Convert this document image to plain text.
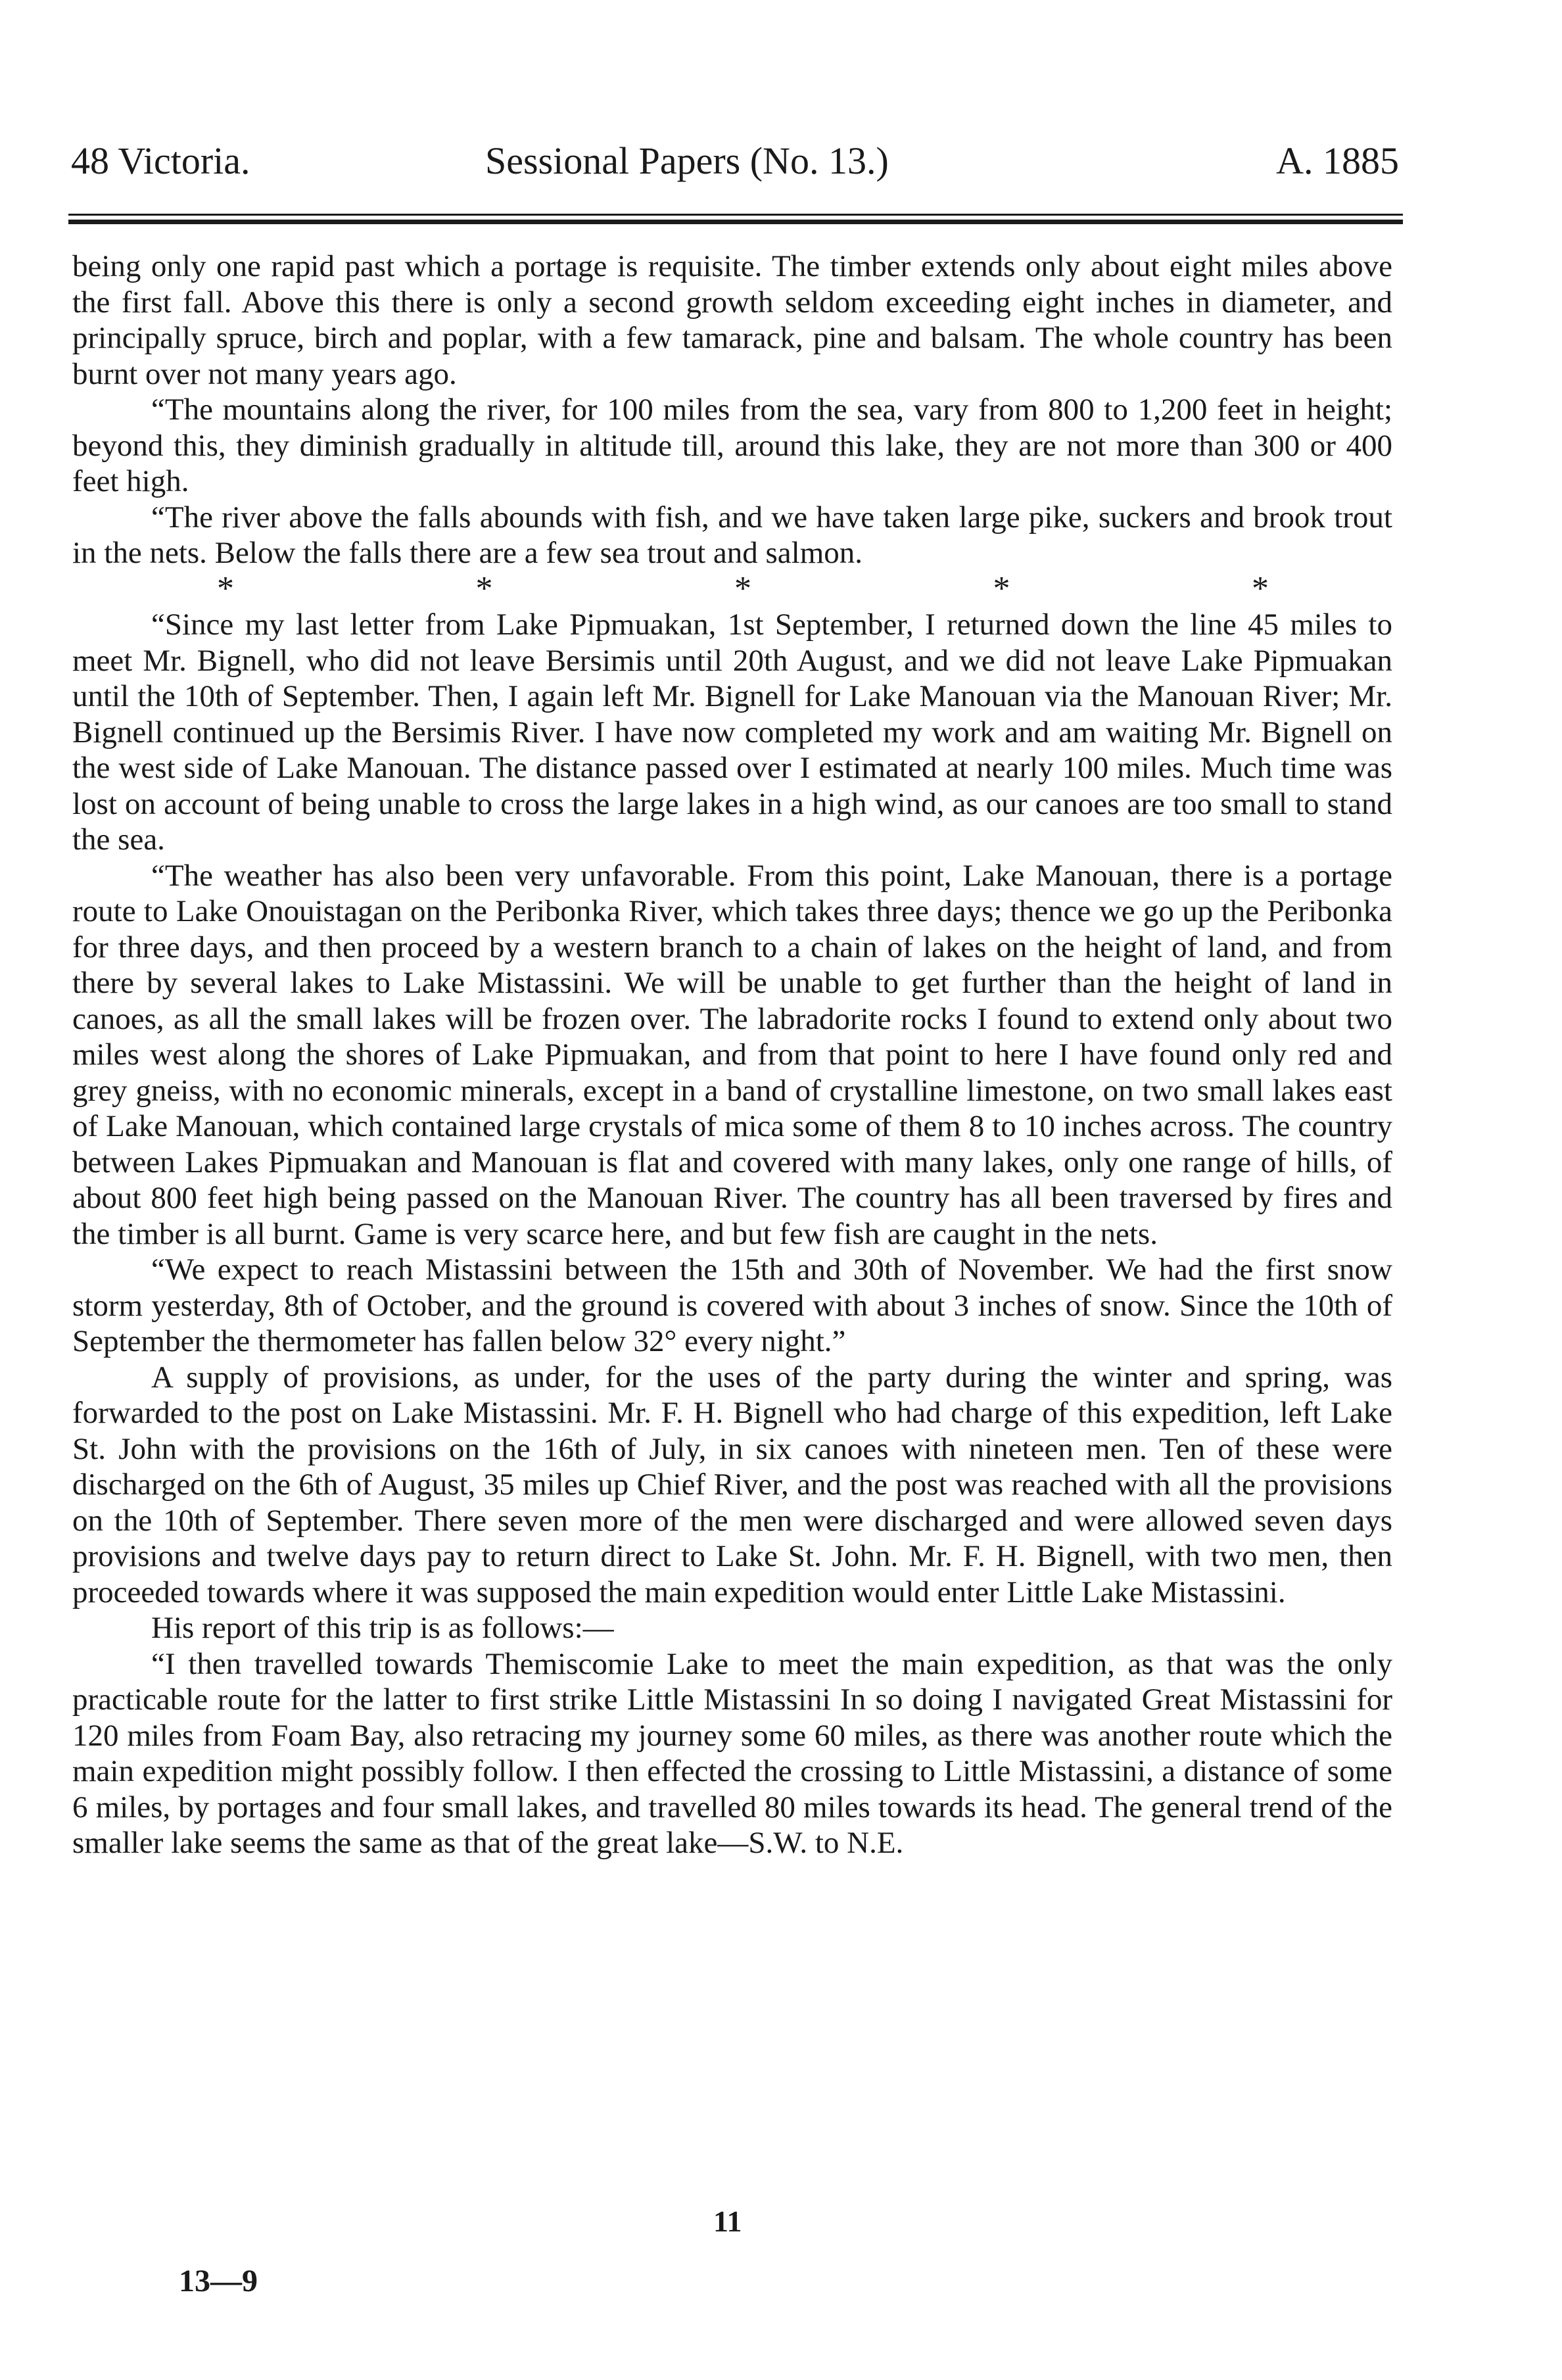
48 Victoria.	Sessional Papers (No. 13.)	A. 1885

being only one rapid past which a portage is requisite. The timber extends only about eight miles above the first fall. Above this there is only a second growth seldom exceeding eight inches in diameter, and principally spruce, birch and poplar, with a few tamarack, pine and balsam. The whole country has been burnt over not many years ago.

“The mountains along the river, for 100 miles from the sea, vary from 800 to 1,200 feet in height; beyond this, they diminish gradually in altitude till, around this lake, they are not more than 300 or 400 feet high.

“The river above the falls abounds with fish, and we have taken large pike, suckers and brook trout in the nets. Below the falls there are a few sea trout and salmon.

*	*	*	*	*

“Since my last letter from Lake Pipmuakan, 1st September, I returned down the line 45 miles to meet Mr. Bignell, who did not leave Bersimis until 20th August, and we did not leave Lake Pipmuakan until the 10th of September. Then, I again left Mr. Bignell for Lake Manouan via the Manouan River; Mr. Bignell continued up the Bersimis River. I have now completed my work and am waiting Mr. Bignell on the west side of Lake Manouan. The distance passed over I estimated at nearly 100 miles. Much time was lost on account of being unable to cross the large lakes in a high wind, as our canoes are too small to stand the sea.

“The weather has also been very unfavorable. From this point, Lake Manouan, there is a portage route to Lake Onouistagan on the Peribonka River, which takes three days; thence we go up the Peribonka for three days, and then proceed by a western branch to a chain of lakes on the height of land, and from there by several lakes to Lake Mistassini. We will be unable to get further than the height of land in canoes, as all the small lakes will be frozen over. The labradorite rocks I found to extend only about two miles west along the shores of Lake Pipmuakan, and from that point to here I have found only red and grey gneiss, with no economic minerals, except in a band of crystalline limestone, on two small lakes east of Lake Manouan, which contained large crystals of mica some of them 8 to 10 inches across. The country between Lakes Pipmuakan and Manouan is flat and covered with many lakes, only one range of hills, of about 800 feet high being passed on the Manouan River. The country has all been traversed by fires and the timber is all burnt. Game is very scarce here, and but few fish are caught in the nets.

“We expect to reach Mistassini between the 15th and 30th of November. We had the first snow storm yesterday, 8th of October, and the ground is covered with about 3 inches of snow. Since the 10th of September the thermometer has fallen below 32° every night.”

A supply of provisions, as under, for the uses of the party during the winter and spring, was forwarded to the post on Lake Mistassini. Mr. F. H. Bignell who had charge of this expedition, left Lake St. John with the provisions on the 16th of July, in six canoes with nineteen men. Ten of these were discharged on the 6th of August, 35 miles up Chief River, and the post was reached with all the provisions on the 10th of September. There seven more of the men were discharged and were allowed seven days provisions and twelve days pay to return direct to Lake St. John. Mr. F. H. Bignell, with two men, then proceeded towards where it was supposed the main expedition would enter Little Lake Mistassini.

His report of this trip is as follows:—

“I then travelled towards Themiscomie Lake to meet the main expedition, as that was the only practicable route for the latter to first strike Little Mistassini In so doing I navigated Great Mistassini for 120 miles from Foam Bay, also retracing my journey some 60 miles, as there was another route which the main expedition might possibly follow. I then effected the crossing to Little Mistassini, a distance of some 6 miles, by portages and four small lakes, and travelled 80 miles towards its head. The general trend of the smaller lake seems the same as that of the great lake—S.W. to N.E.

11
13—9
